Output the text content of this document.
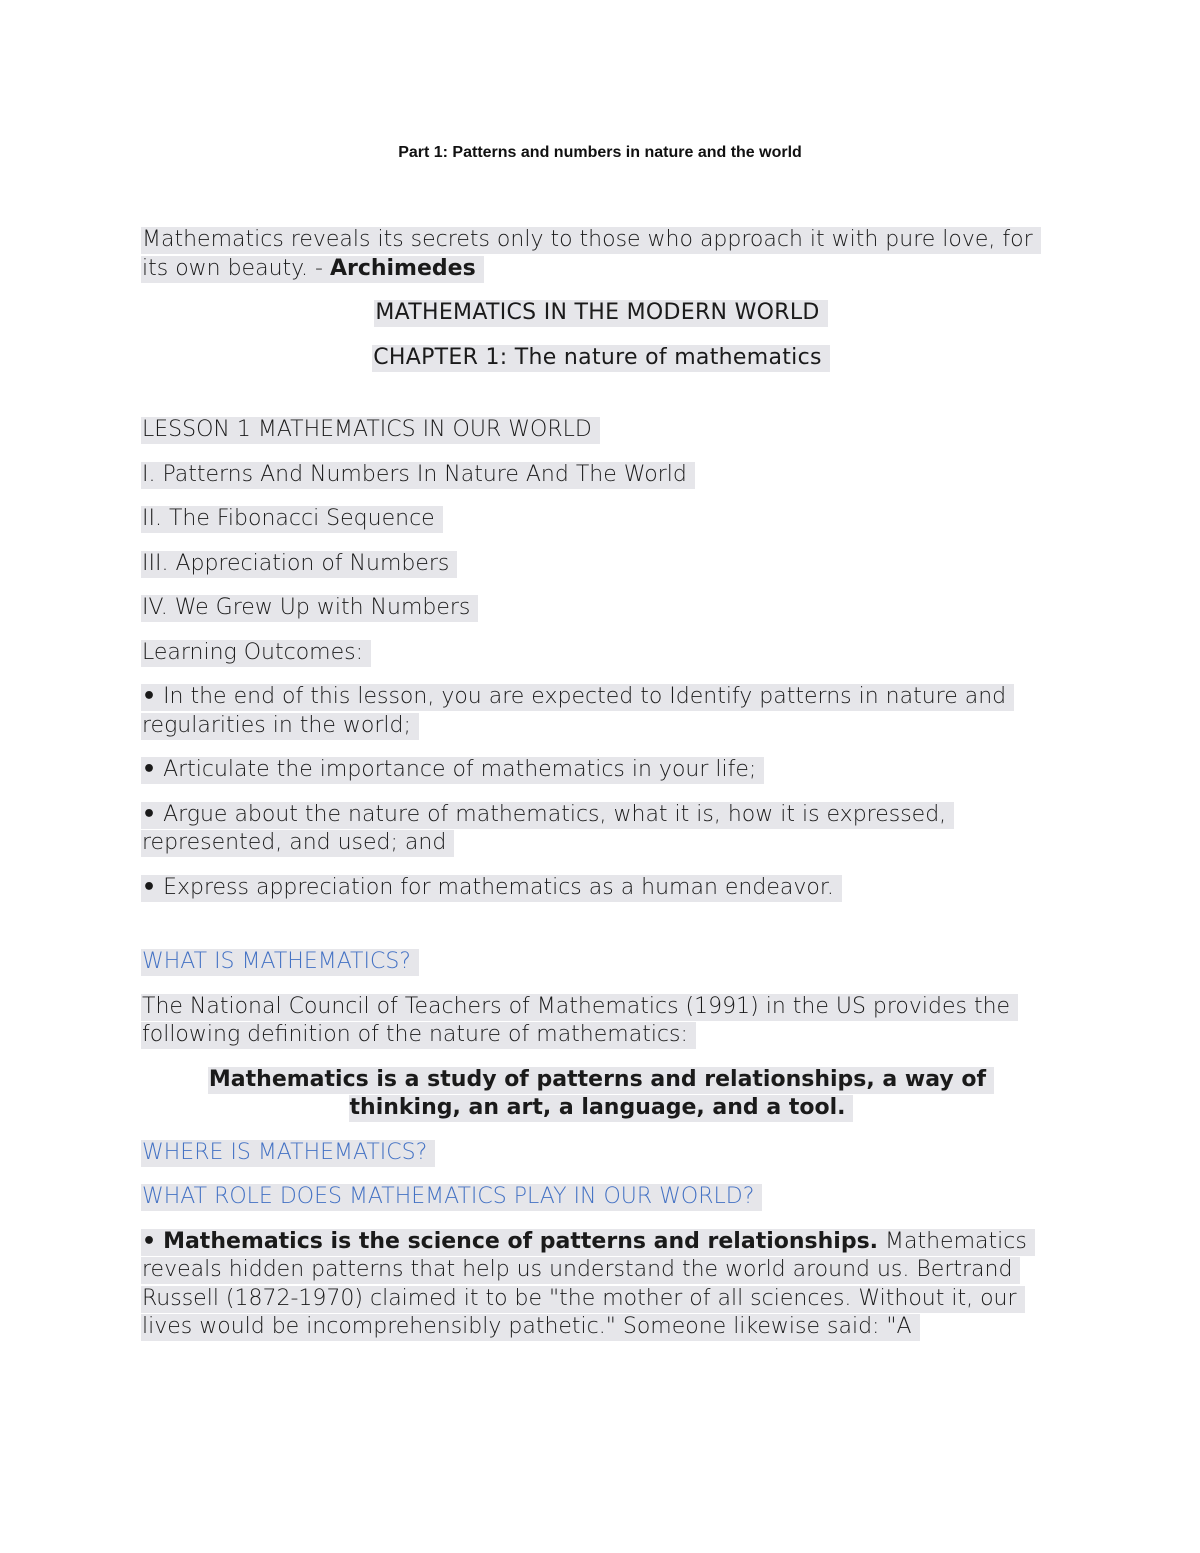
Part 1: Patterns and numbers in nature and the world

Mathematics reveals its secrets only to those who approach it with pure love, for its own beauty. - Archimedes

MATHEMATICS IN THE MODERN WORLD

CHAPTER 1: The nature of mathematics

LESSON 1 MATHEMATICS IN OUR WORLD

I. Patterns And Numbers In Nature And The World

II. The Fibonacci Sequence

III. Appreciation of Numbers

IV. We Grew Up with Numbers

Learning Outcomes:

• In the end of this lesson, you are expected to Identify patterns in nature and regularities in the world;

• Articulate the importance of mathematics in your life;

• Argue about the nature of mathematics, what it is, how it is expressed, represented, and used; and

• Express appreciation for mathematics as a human endeavor.

WHAT IS MATHEMATICS?

The National Council of Teachers of Mathematics (1991) in the US provides the following definition of the nature of mathematics:

Mathematics is a study of patterns and relationships, a way of thinking, an art, a language, and a tool.

WHERE IS MATHEMATICS?

WHAT ROLE DOES MATHEMATICS PLAY IN OUR WORLD?

• Mathematics is the science of patterns and relationships. Mathematics reveals hidden patterns that help us understand the world around us. Bertrand Russell (1872-1970) claimed it to be "the mother of all sciences. Without it, our lives would be incomprehensibly pathetic." Someone likewise said: "A
